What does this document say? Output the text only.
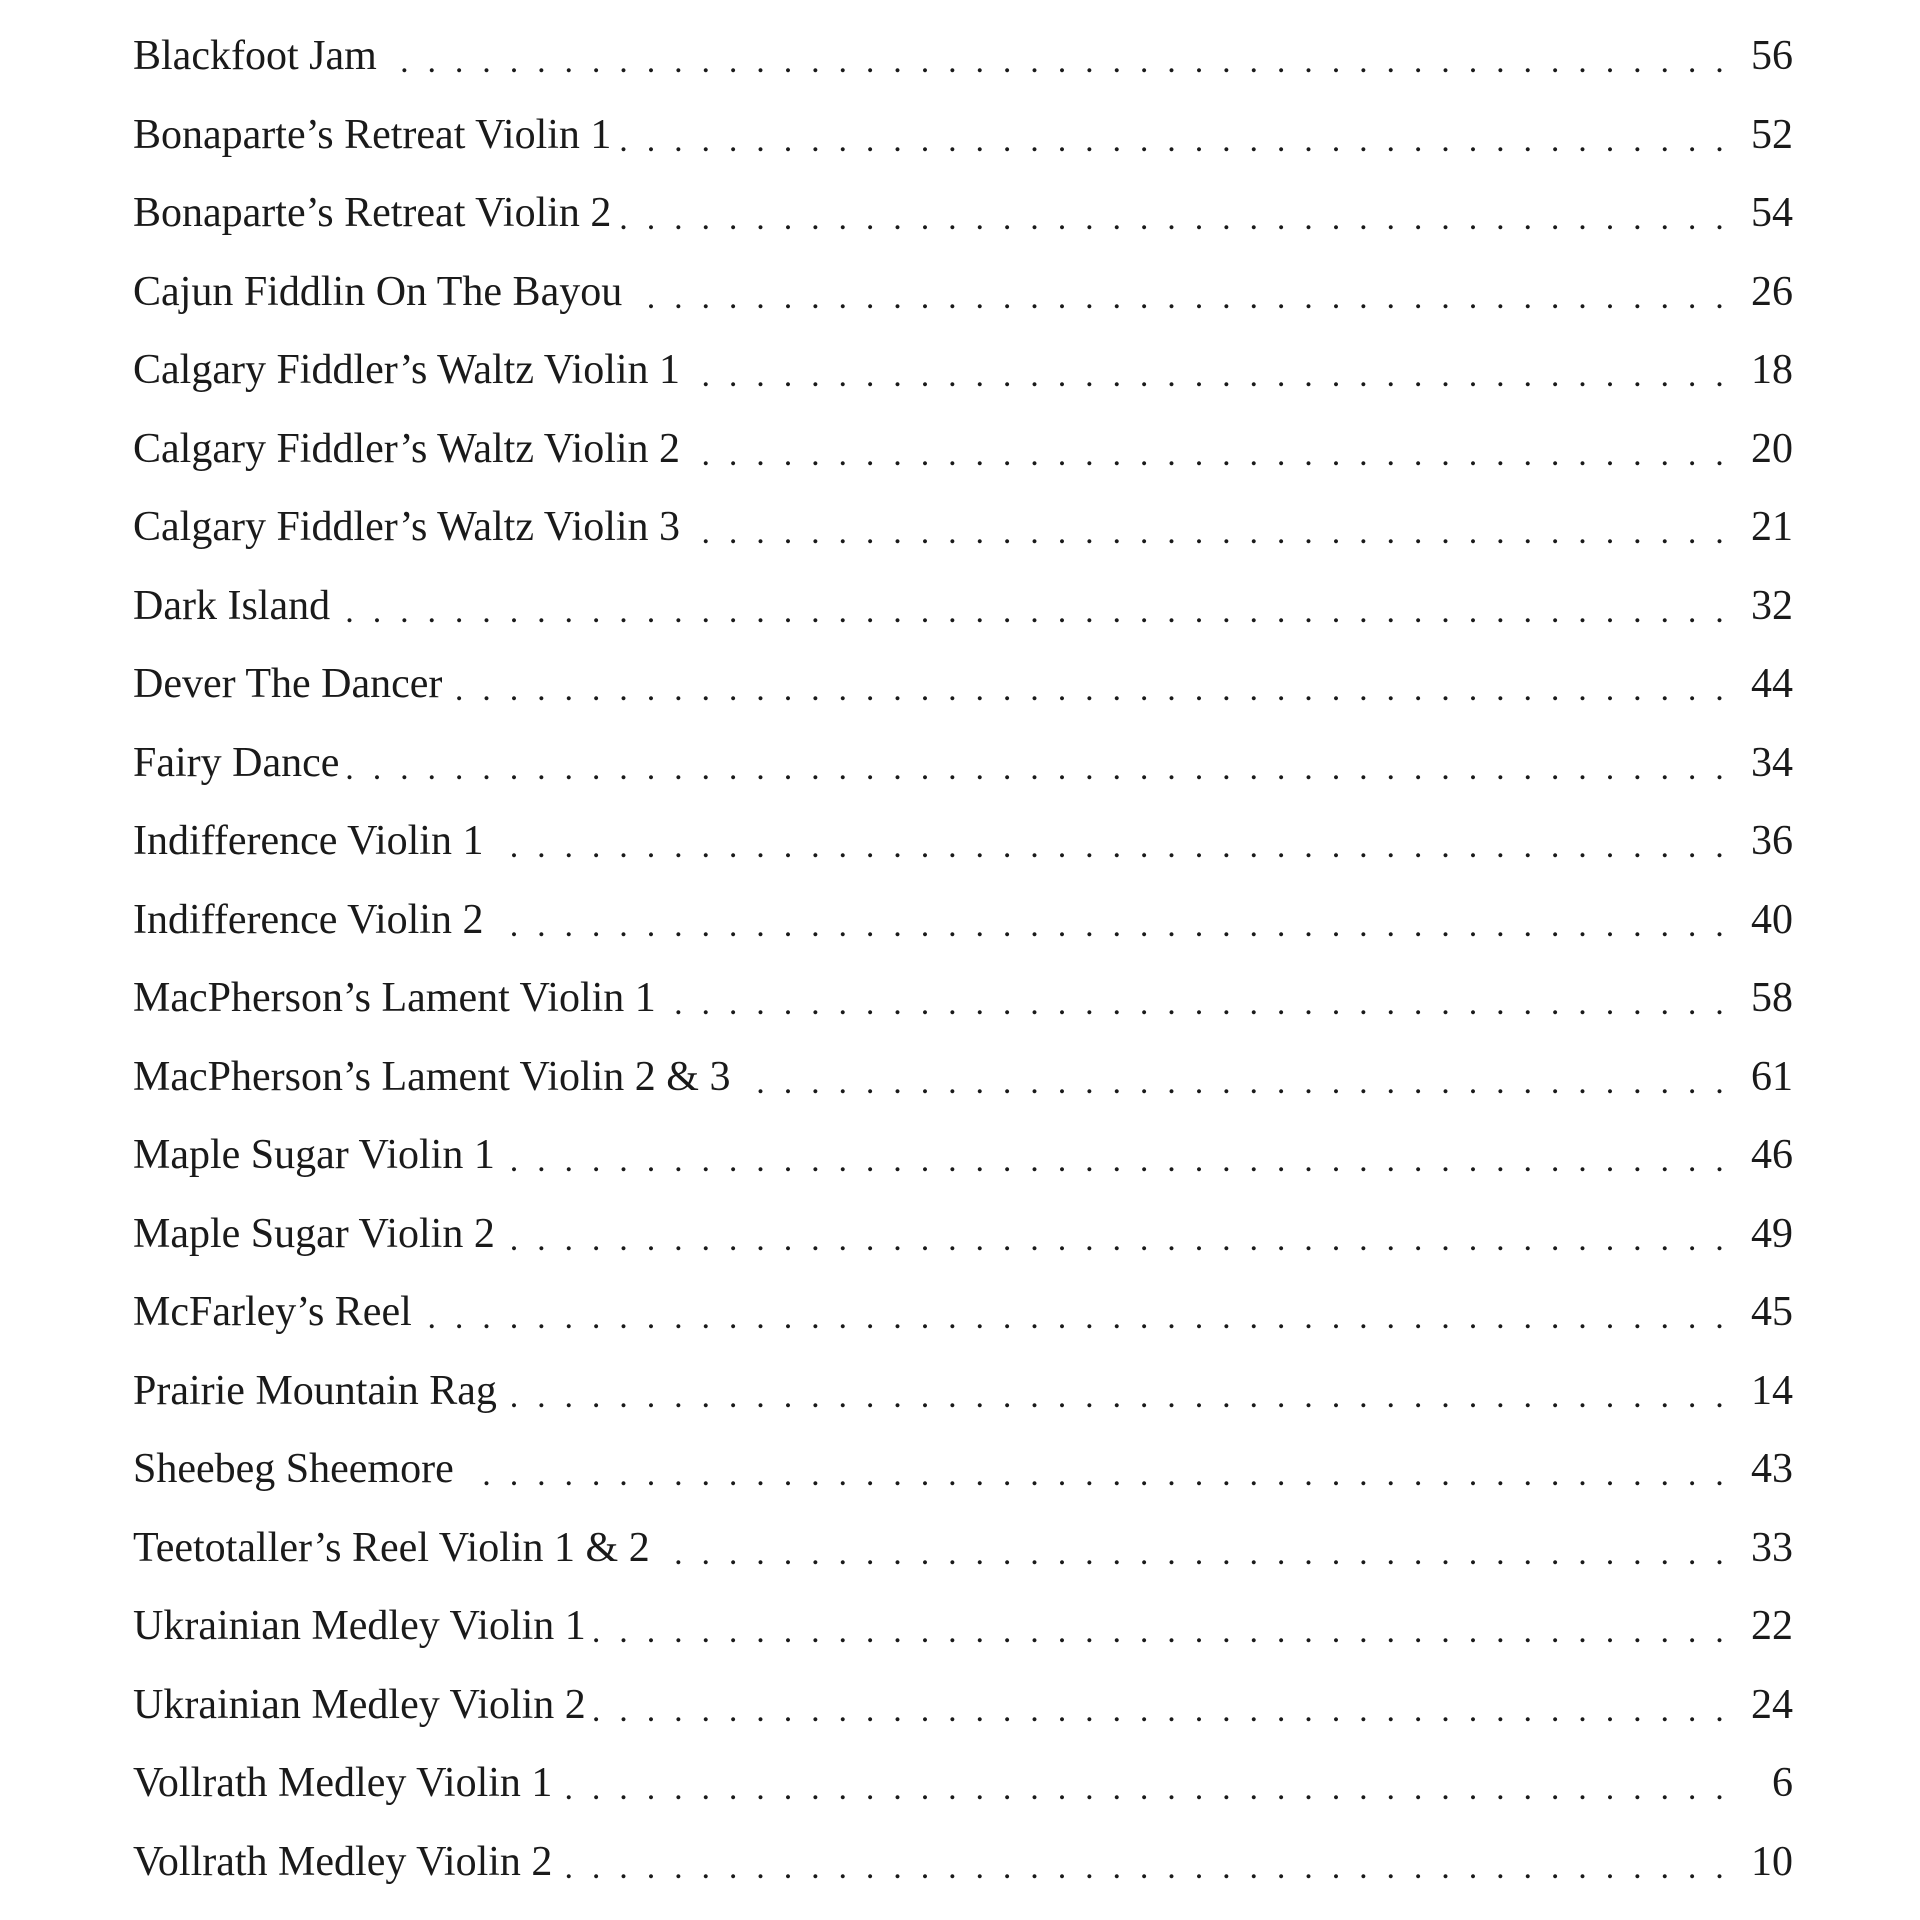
Blackfoot Jam . . .	56
Bonaparte’s Retreat Violin 1 . . .	52
Bonaparte’s Retreat Violin 2 . . .	54
Cajun Fiddlin On The Bayou . . .	26
Calgary Fiddler’s Waltz Violin 1 . . .	18
Calgary Fiddler’s Waltz Violin 2 . . .	20
Calgary Fiddler’s Waltz Violin 3 . . .	21
Dark Island . . .	32
Dever The Dancer . . .	44
Fairy Dance . . .	34
Indifference Violin 1 . . .	36
Indifference Violin 2 . . .	40
MacPherson’s Lament Violin 1 . . .	58
MacPherson’s Lament Violin 2 & 3 . . .	61
Maple Sugar Violin 1 . . .	46
Maple Sugar Violin 2 . . .	49
McFarley’s Reel . . .	45
Prairie Mountain Rag . . .	14
Sheebeg Sheemore . . .	43
Teetotaller’s Reel Violin 1 & 2 . . .	33
Ukrainian Medley Violin 1 . . .	22
Ukrainian Medley Violin 2 . . .	24
Vollrath Medley Violin 1 . . .	6
Vollrath Medley Violin 2 . . .	10
